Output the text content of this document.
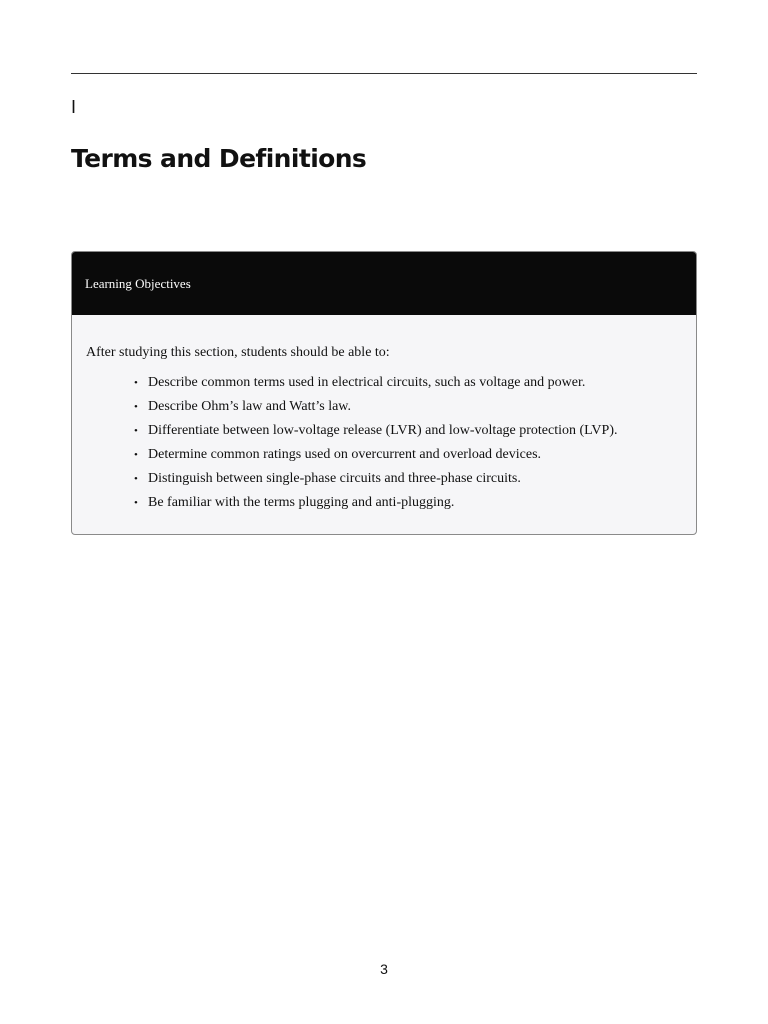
I
Terms and Definitions
Learning Objectives

After studying this section, students should be able to:

• Describe common terms used in electrical circuits, such as voltage and power.
• Describe Ohm’s law and Watt’s law.
• Differentiate between low-voltage release (LVR) and low-voltage protection (LVP).
• Determine common ratings used on overcurrent and overload devices.
• Distinguish between single-phase circuits and three-phase circuits.
• Be familiar with the terms plugging and anti-plugging.
3
